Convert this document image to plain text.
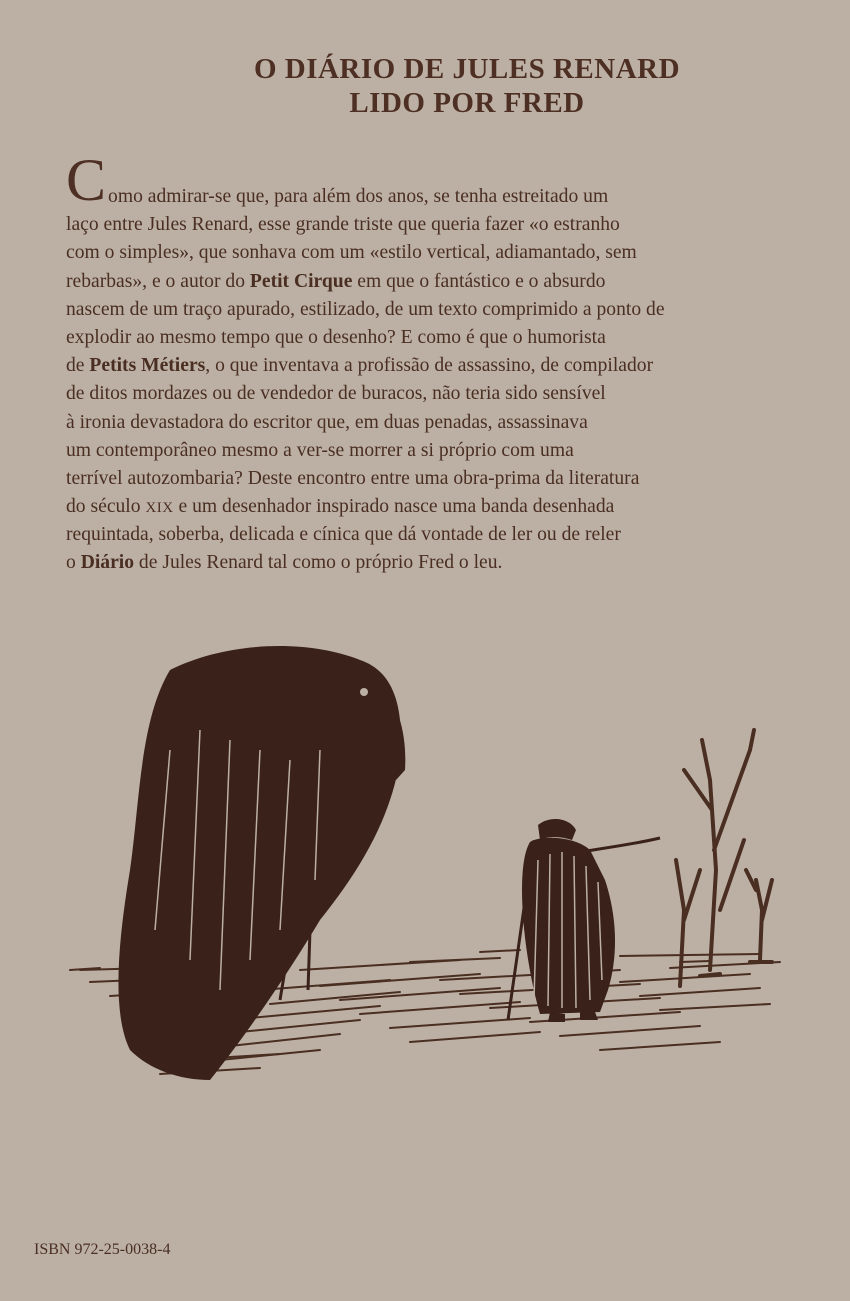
O DIÁRIO DE JULES RENARD
LIDO POR FRED
C omo admirar-se que, para além dos anos, se tenha estreitado um
laço entre Jules Renard, esse grande triste que queria fazer «o estranho
com o simples», que sonhava com um «estilo vertical, adiamantado, sem
rebarbas», e o autor do Petit Cirque em que o fantástico e o absurdo
nascem de um traço apurado, estilizado, de um texto comprimido a ponto de
explodir ao mesmo tempo que o desenho? E como é que o humorista
de Petits Métiers, o que inventava a profissão de assassino, de compilador
de ditos mordazes ou de vendedor de buracos, não teria sido sensível
à ironia devastadora do escritor que, em duas penadas, assassinava
um contemporâneo mesmo a ver-se morrer a si próprio com uma
terrível autozombaria? Deste encontro entre uma obra-prima da literatura
do século XIX e um desenhador inspirado nasce uma banda desenhada
requintada, soberba, delicada e cínica que dá vontade de ler ou de reler
o Diário de Jules Renard tal como o próprio Fred o leu.
ISBN 972-25-0038-4
